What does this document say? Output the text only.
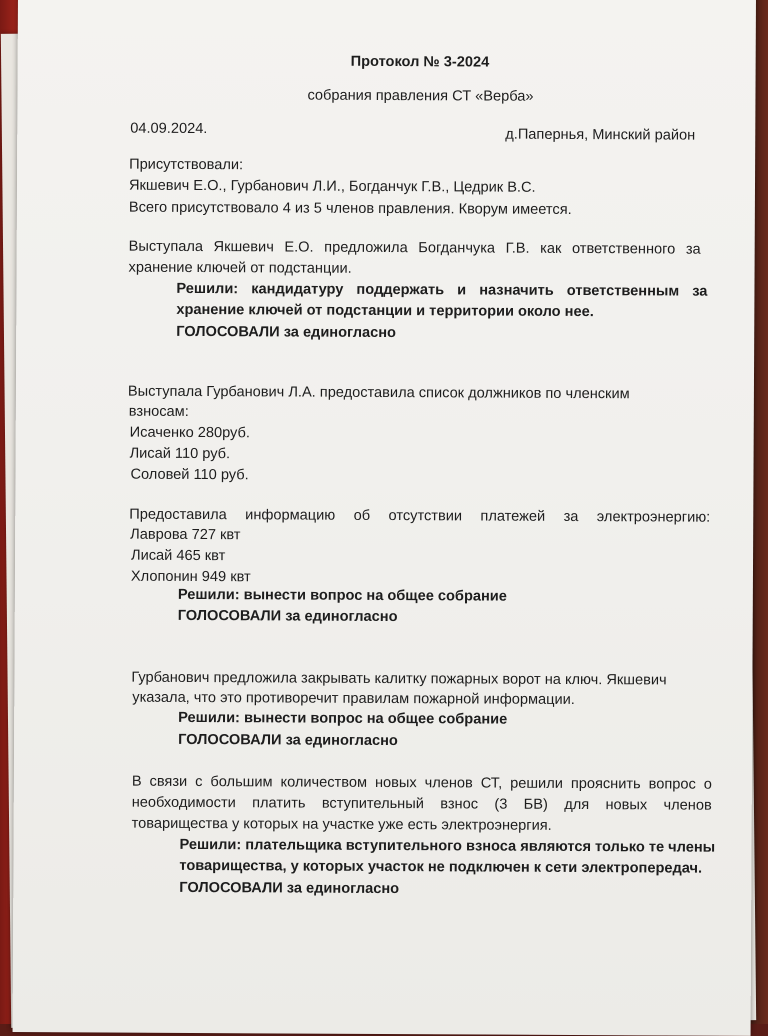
Протокол № 3-2024
собрания правления СТ «Верба»
04.09.2024.	д.Папернья, Минский район
Присутствовали:
Якшевич Е.О., Гурбанович Л.И., Богданчук Г.В., Цедрик В.С.
Всего присутствовало 4 из 5 членов правления. Кворум имеется.
Выступала Якшевич Е.О. предложила Богданчука Г.В. как ответственного за
хранение ключей от подстанции.
Решили: кандидатуру поддержать и назначить ответственным за
хранение ключей от подстанции и территории около нее.
ГОЛОСОВАЛИ за единогласно
Выступала Гурбанович Л.А. предоставила список должников по членским
взносам:
Исаченко 280руб.
Лисай 110 руб.
Соловей 110 руб.
Предоставила информацию об отсутствии платежей за электроэнергию:
Лаврова 727 квт
Лисай 465 квт
Хлопонин 949 квт
Решили: вынести вопрос на общее собрание
ГОЛОСОВАЛИ за единогласно
Гурбанович предложила закрывать калитку пожарных ворот на ключ. Якшевич
указала, что это противоречит правилам пожарной информации.
Решили: вынести вопрос на общее собрание
ГОЛОСОВАЛИ за единогласно
В связи с большим количеством новых членов СТ, решили прояснить вопрос о
необходимости платить вступительный взнос (3 БВ) для новых членов
товарищества у которых на участке уже есть электроэнергия.
Решили: плательщика вступительного взноса являются только те члены
товарищества, у которых участок не подключен к сети электропередач.
ГОЛОСОВАЛИ за единогласно
